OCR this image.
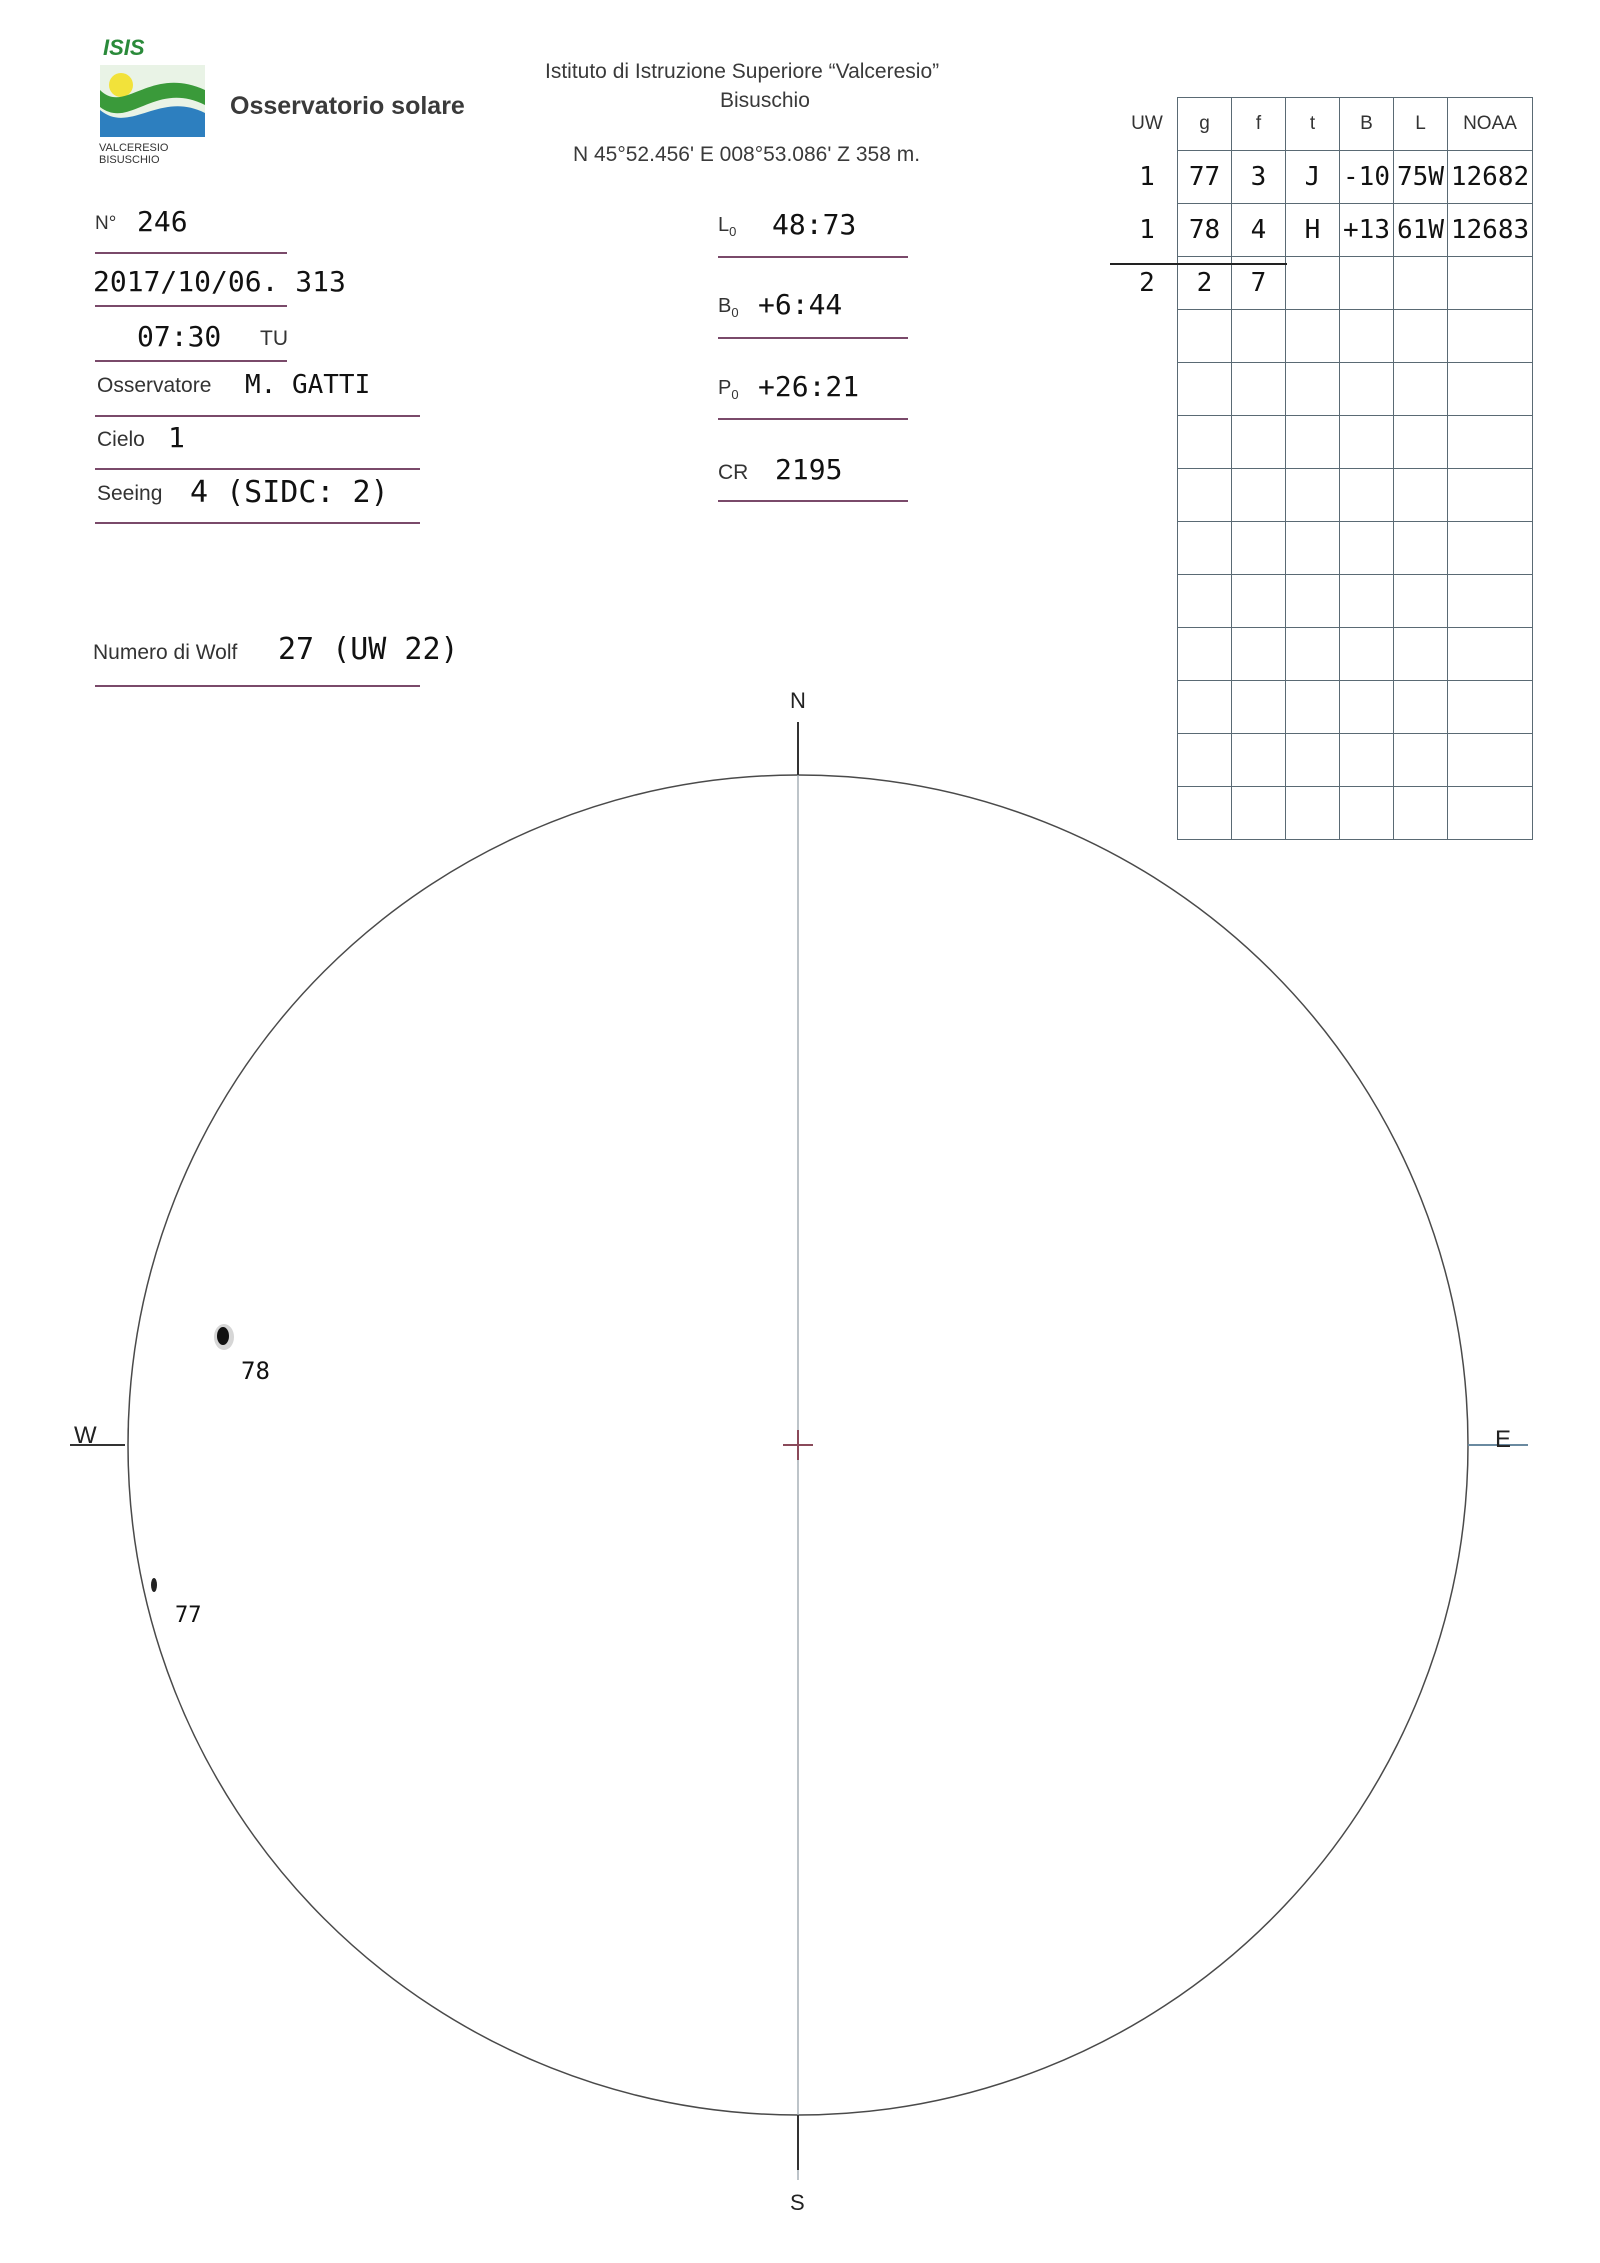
ISIS
VALCERESIO
BISUSCHIO
Osservatorio solare
Istituto di Istruzione Superiore “Valceresio”
Bisuschio
N 45°52.456' E 008°53.086' Z 358 m.
N° 246
2017/10/06. 313
07:30 TU
Osservatore M. GATTI
Cielo 1
Seeing 4 (SIDC: 2)
Numero di Wolf 27 (UW 22)
$L_0$ 48:73
$B_0$ +6:44
$P_0$ +26:21
CR 2195
UW	g	f	t	B	L	NOAA
1	77	3	J	-10	75W	12682
1	78	4	H	+13	61W	12683
2	2	7				

N
S
W	E
78
77
